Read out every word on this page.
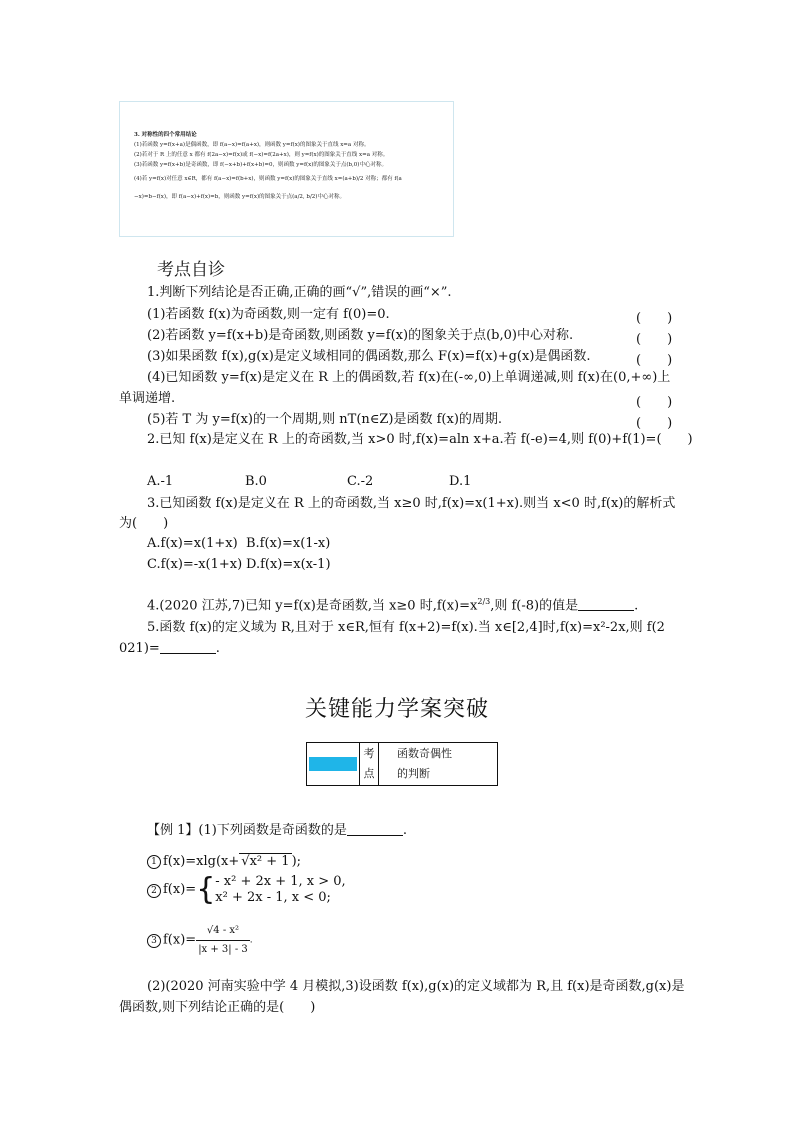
3. 对称性的四个常用结论
(1)若函数 y=f(x+a)是偶函数，即 f(a−x)=f(a+x)，则函数 y=f(x)的图象关于直线 x=a 对称。
(2)若对于 R 上的任意 x 都有 f(2a−x)=f(x)或 f(−x)=f(2a+x)，则 y=f(x)的图象关于直线 x=a 对称。
(3)若函数 y=f(x+b)是奇函数，即 f(−x+b)+f(x+b)=0，则函数 y=f(x)的图象关于点(b,0)中心对称。
(4)若 y=f(x)对任意 x∈R，都有 f(a−x)=f(b+x)，则函数 y=f(x)的图象关于直线 x=(a+b)/2 对称；都有 f(a
−x)=b−f(x)，即 f(a−x)+f(x)=b，则函数 y=f(x)的图象关于点(a/2, b/2)中心对称。
考点自诊
1.判断下列结论是否正确,正确的画“√”,错误的画“×”.
(1)若函数 f(x)为奇函数,则一定有 f(0)=0.	(　　)
(2)若函数 y=f(x+b)是奇函数,则函数 y=f(x)的图象关于点(b,0)中心对称.	(　　)
(3)如果函数 f(x),g(x)是定义域相同的偶函数,那么 F(x)=f(x)+g(x)是偶函数.	(　　)
(4)已知函数 y=f(x)是定义在 R 上的偶函数,若 f(x)在(-∞,0)上单调递减,则 f(x)在(0,+∞)上
单调递增.	(　　)
(5)若 T 为 y=f(x)的一个周期,则 nT(n∈Z)是函数 f(x)的周期.	(　　)
2.已知 f(x)是定义在 R 上的奇函数,当 x>0 时,f(x)=aln x+a.若 f(-e)=4,则 f(0)+f(1)=(　　)
A.-1	B.0	C.-2	D.1
3.已知函数 f(x)是定义在 R 上的奇函数,当 x≥0 时,f(x)=x(1+x).则当 x<0 时,f(x)的解析式
为(　　)
A.f(x)=x(1+x) B.f(x)=x(1-x)
C.f(x)=-x(1+x) D.f(x)=x(x-1)
4.(2020 江苏,7)已知 y=f(x)是奇函数,当 x≥0 时$,f(x)=x^{2/3}$,则 f(-8)的值是	.
5.函数 f(x)的定义域为 R,且对于 x∈R,恒有 f(x+2)=f(x).当 x∈[2,4]时,f(x)=x²-2x,则 f(2
021)=	.
关键能力学案突破

考
点

函数奇偶性
的判断
【例 1】(1)下列函数是奇函数的是	.
1 f(x)=xlg(x+ √x² + 1 );
2 f(x)={ - x² + 2x + 1, x > 0,
x² + 2x - 1, x < 0;
3 $f(x)= \frac{\text{√4 - x²}}{|x + 3| - 3}$ .
(2)(2020 河南实验中学 4 月模拟,3)设函数 f(x),g(x)的定义域都为 R,且 f(x)是奇函数,g(x)是
偶函数,则下列结论正确的是(　　)
